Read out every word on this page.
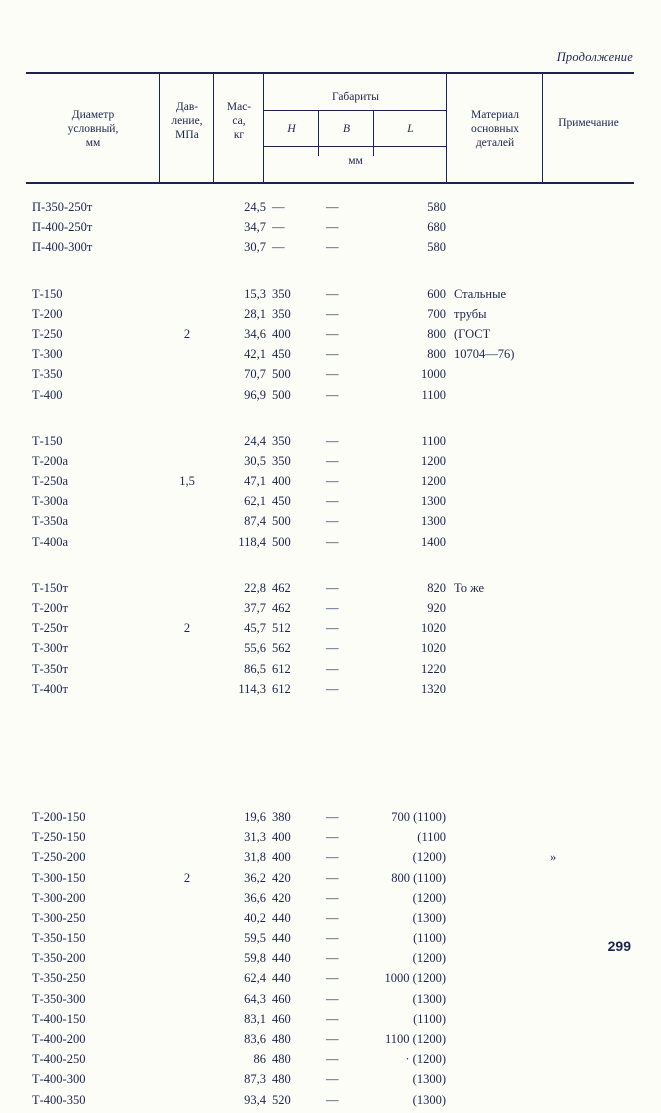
Продолжение
Диаметр
условный,
мм
Дав-
ление,
МПа
Мас-
са,
кг
Габариты
H	B	L
мм
Материал
основных
деталей
Примечание
П-350-250т	24,5 —	—	580
П-400-250т	34,7 —	—	680
П-400-300т	30,7 —	—	580
Т-150	15,3 350	—	600 Стальные
Т-200	28,1 350	—	700 трубы
Т-250	2	34,6 400	—	800 (ГОСТ
Т-300	42,1 450	—	800 10704—76)
Т-350	70,7 500	—	1000
Т-400	96,9 500	—	1100
Т-150	24,4 350	—	1100
Т-200а	30,5 350	—	1200
Т-250а	1,5	47,1 400	—	1200
Т-300а	62,1 450	—	1300
Т-350а	87,4 500	—	1300
Т-400а	118,4 500	—	1400
Т-150т	22,8 462	—	820 То же
Т-200т	37,7 462	—	920
Т-250т	2	45,7 512	—	1020
Т-300т	55,6 562	—	1020
Т-350т	86,5 612	—	1220
Т-400т	114,3 612	—	1320
Т-200-150	19,6 380	—	700 (1100)
Т-250-150	31,3 400	—	(1100
Т-250-200	31,8 400	—	(1200)	»
Т-300-150	2	36,2 420	—	800 (1100)
Т-300-200	36,6 420	—	(1200)
Т-300-250	40,2 440	—	(1300)
Т-350-150	59,5 440	—	(1100)
Т-350-200	59,8 440	—	(1200)
Т-350-250	62,4 440	—	1000 (1200)
Т-350-300	64,3 460	—	(1300)
Т-400-150	83,1 460	—	(1100)
Т-400-200	83,6 480	—	1100 (1200)
Т-400-250	86 480	—	· (1200)
Т-400-300	87,3 480	—	(1300)
Т-400-350	93,4 520	—	(1300)
299
